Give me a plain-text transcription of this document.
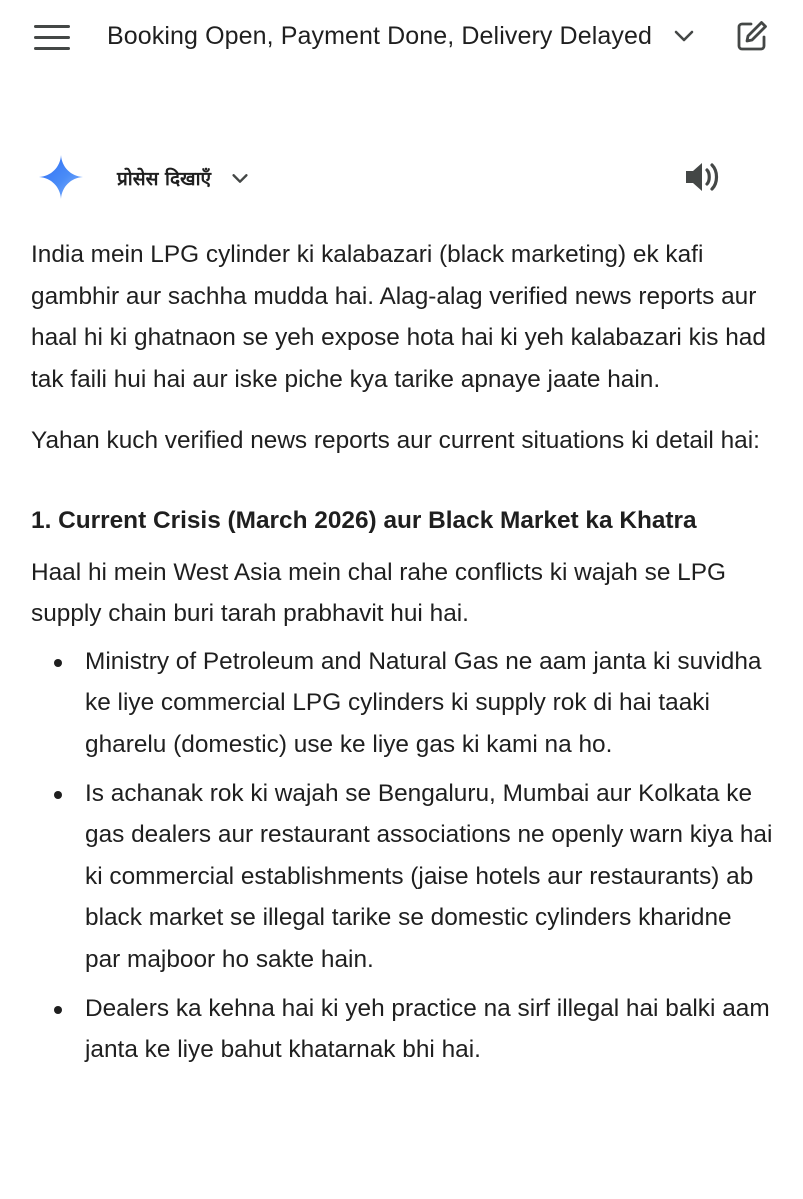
Booking Open, Payment Done, Delivery Delayed
प्रोसेस दिखाएँ

India mein LPG cylinder ki kalabazari (black marketing) ek kafi gambhir aur sachha mudda hai. Alag-alag verified news reports aur haal hi ki ghatnaon se yeh expose hota hai ki yeh kalabazari kis had tak faili hui hai aur iske piche kya tarike apnaye jaate hain.

Yahan kuch verified news reports aur current situations ki detail hai:

1. Current Crisis (March 2026) aur Black Market ka Khatra

Haal hi mein West Asia mein chal rahe conflicts ki wajah se LPG supply chain buri tarah prabhavit hui hai.

Ministry of Petroleum and Natural Gas ne aam janta ki suvidha ke liye commercial LPG cylinders ki supply rok di hai taaki gharelu (domestic) use ke liye gas ki kami na ho.
Is achanak rok ki wajah se Bengaluru, Mumbai aur Kolkata ke gas dealers aur restaurant associations ne openly warn kiya hai ki commercial establishments (jaise hotels aur restaurants) ab black market se illegal tarike se domestic cylinders kharidne par majboor ho sakte hain.
Dealers ka kehna hai ki yeh practice na sirf illegal hai balki aam janta ke liye bahut khatarnak bhi hai.
